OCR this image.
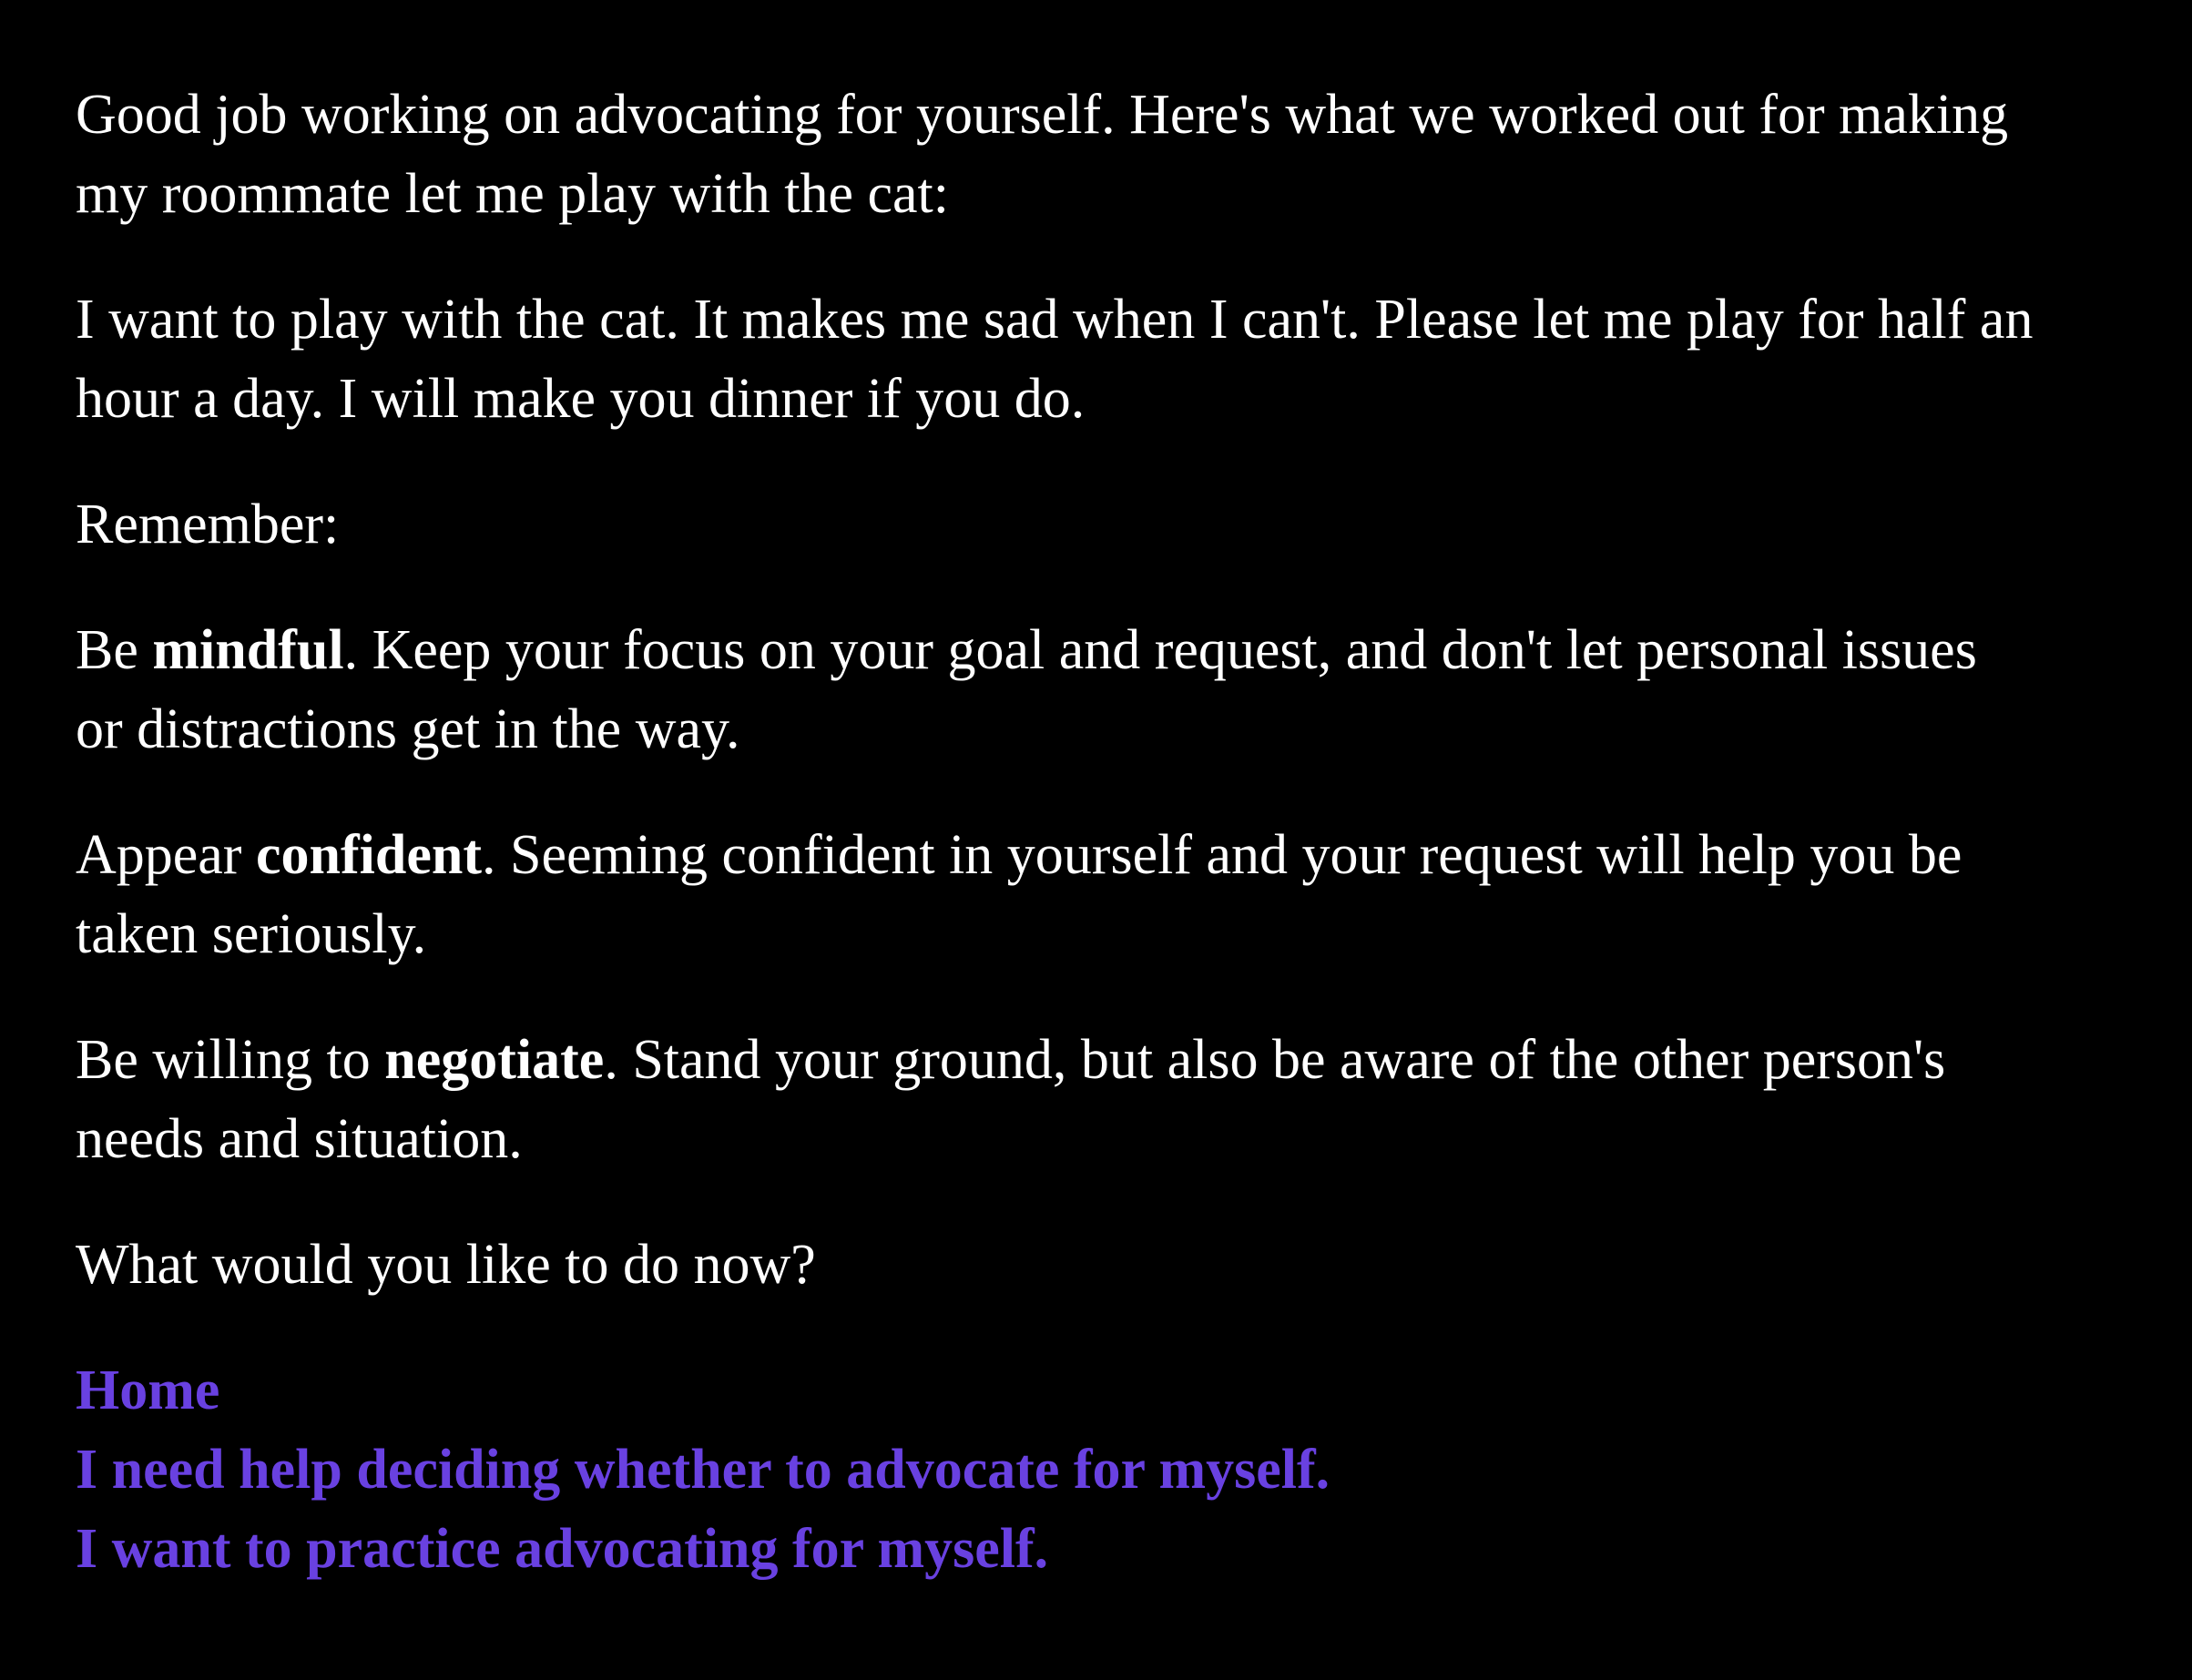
Good job working on advocating for yourself. Here's what we worked out for making
my roommate let me play with the cat:

I want to play with the cat. It makes me sad when I can't. Please let me play for half an
hour a day. I will make you dinner if you do.

Remember:

Be mindful. Keep your focus on your goal and request, and don't let personal issues
or distractions get in the way.

Appear confident. Seeming confident in yourself and your request will help you be
taken seriously.

Be willing to negotiate. Stand your ground, but also be aware of the other person's
needs and situation.

What would you like to do now?

Home
I need help deciding whether to advocate for myself.
I want to practice advocating for myself.
